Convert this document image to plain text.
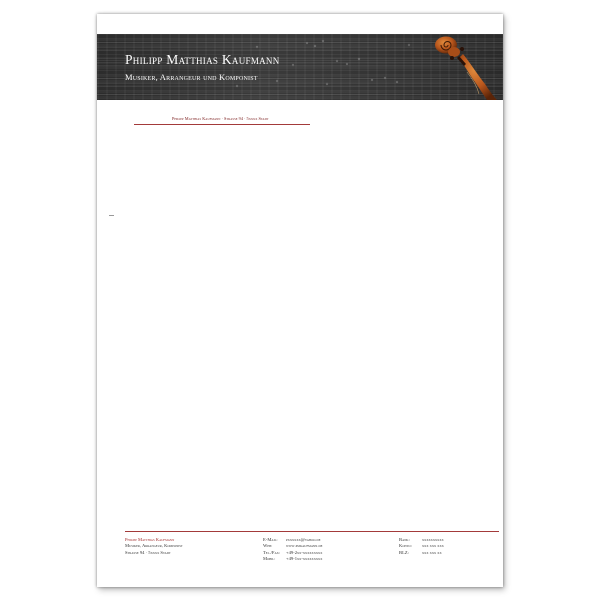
Philipp Matthias Kaufmann
Musiker, Arrangeur und Komponist
Philipp Matthias Kaufmann · Strasse 94 · 5xxxx Stadt
Philipp Matthias Kaufmann
Musiker, Arrangeur, Komponist
Strasse 94 · 5xxxx Stadt
E-Mail: pxxxxxx@yahoo.de
Web:	www.pmkaufmann.de
Tel./Fax: +49-2xx-xxxxxxxxx
Mobil: +49-1xx-xxxxxxxxx
Bank:	xxxxxxxxxx
Konto: xxx xxx xxx
BLZ:	xxx xxx xx
